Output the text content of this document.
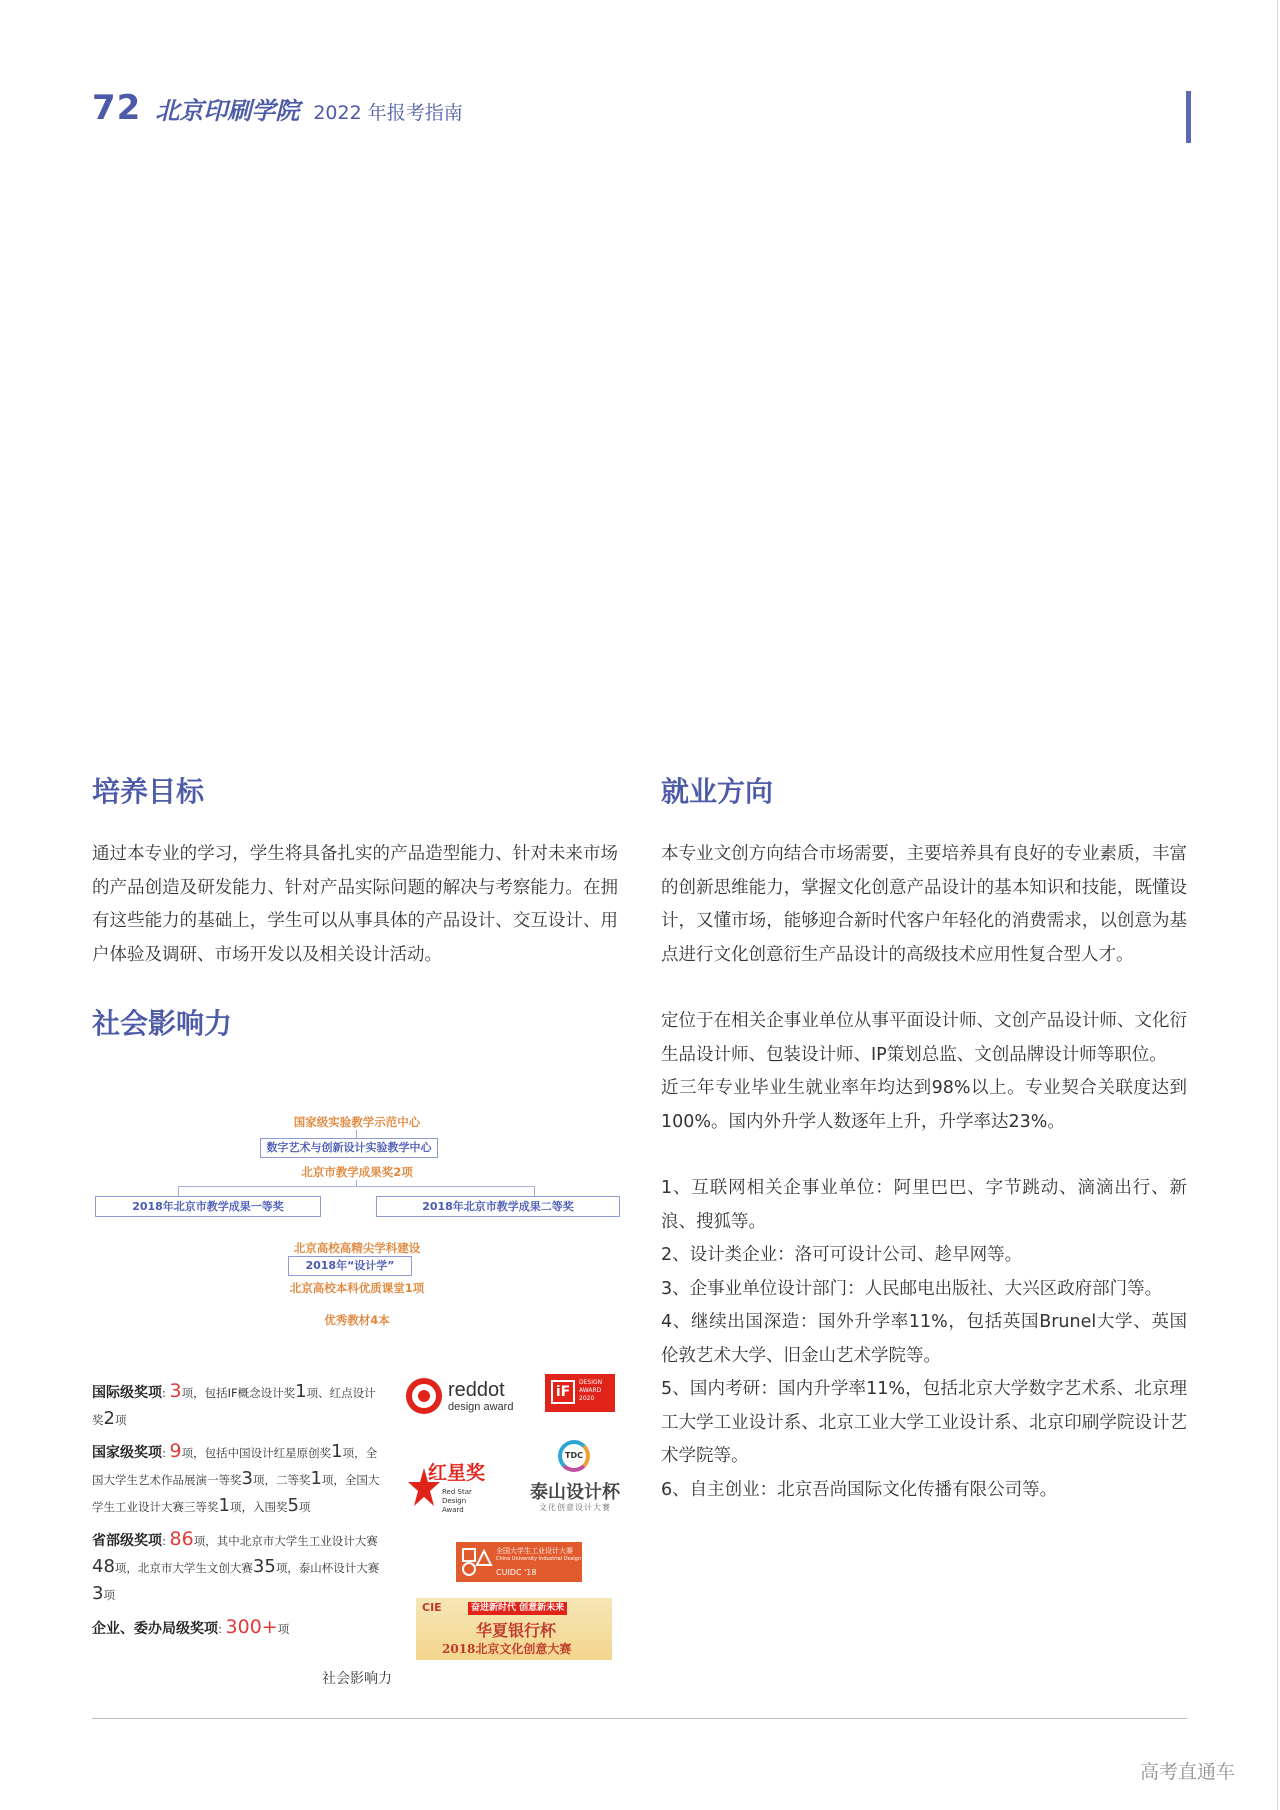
72 北京印刷学院 2022 年报考指南
培养目标

通过本专业的学习，学生将具备扎实的产品造型能力、针对未来市场的产品创造及研发能力、针对产品实际问题的解决与考察能力。在拥有这些能力的基础上，学生可以从事具体的产品设计、交互设计、用户体验及调研、市场开发以及相关设计活动。

社会影响力
国家级实验教学示范中心
数字艺术与创新设计实验教学中心
北京市教学成果奖2项
2018年北京市教学成果一等奖	2018年北京市教学成果二等奖
北京高校高精尖学科建设
2018年“设计学”
北京高校本科优质课堂1项
优秀教材4本
国际级奖项: 3项，包括IF概念设计奖1项、红点设计奖2项
国家级奖项: 9项，包括中国设计红星原创奖1项，全国大学生艺术作品展演一等奖3项，二等奖1项，全国大学生工业设计大赛三等奖1项，入围奖5项
省部级奖项: 86项，其中北京市大学生工业设计大赛48项，北京市大学生文创大赛35项，泰山杯设计大赛3项
企业、委办局级奖项: 300+项
reddot
design award
iF
DESIGN AWARD 2020
红星奖
Red Star Design Award
TDC
泰山设计杯
文化创意设计大赛
全国大学生工业设计大赛
China University Industrial Design Competition
CUIDC '18
CIE	奋进新时代 创意新未来
华夏银行杯
2018北京文化创意大赛
社会影响力
就业方向

本专业文创方向结合市场需要，主要培养具有良好的专业素质，丰富的创新思维能力，掌握文化创意产品设计的基本知识和技能，既懂设计，又懂市场，能够迎合新时代客户年轻化的消费需求，以创意为基点进行文化创意衍生产品设计的高级技术应用性复合型人才。

定位于在相关企事业单位从事平面设计师、文创产品设计师、文化衍生品设计师、包装设计师、IP策划总监、文创品牌设计师等职位。

近三年专业毕业生就业率年均达到98%以上。专业契合关联度达到100%。国内外升学人数逐年上升，升学率达23%。

1、互联网相关企事业单位：阿里巴巴、字节跳动、滴滴出行、新浪、搜狐等。

2、设计类企业：洛可可设计公司、趁早网等。

3、企事业单位设计部门：人民邮电出版社、大兴区政府部门等。

4、继续出国深造：国外升学率11%，包括英国Brunel大学、英国伦敦艺术大学、旧金山艺术学院等。

5、国内考研：国内升学率11%，包括北京大学数字艺术系、北京理工大学工业设计系、北京工业大学工业设计系、北京印刷学院设计艺术学院等。

6、自主创业：北京吾尚国际文化传播有限公司等。

高考直通车
